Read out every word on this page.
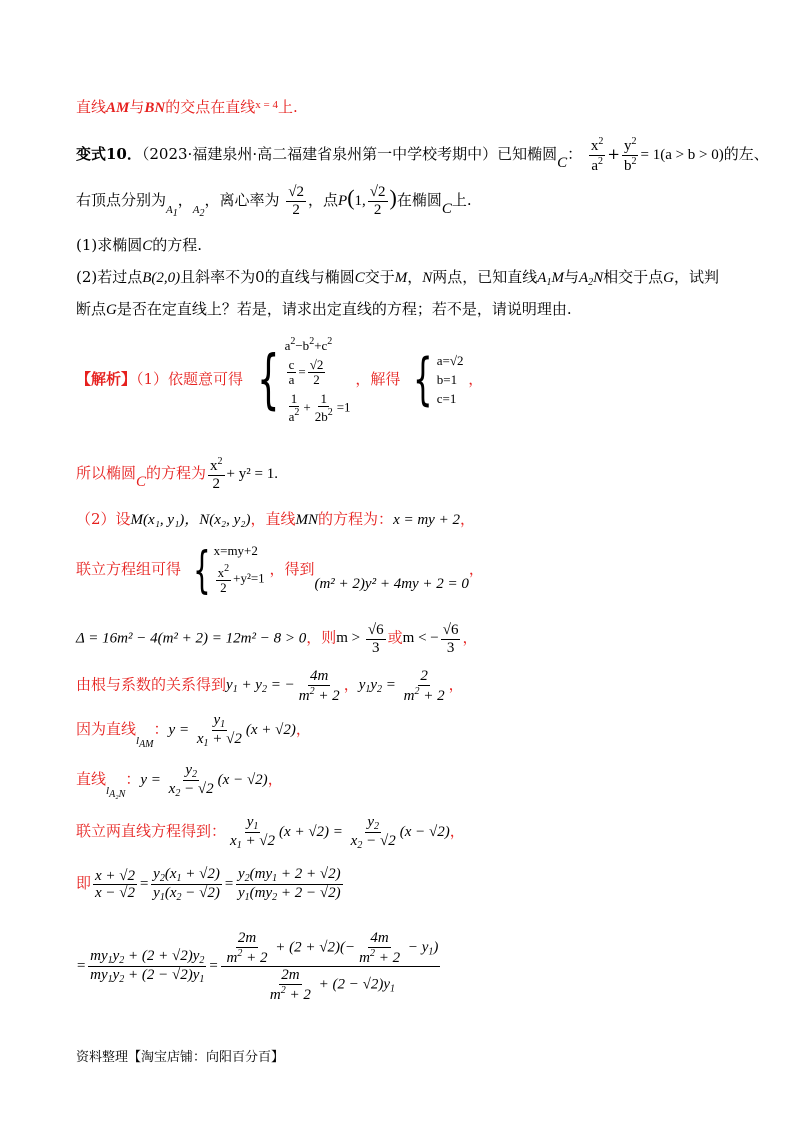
直线AM与BN的交点在直线$^{x = 4}$上.
变式10．（2023·福建泉州·高二福建省泉州第一中学校考期中）已知椭圆C： $\frac{x^2}{a^2} + \frac{y^2}{b^2} = 1(a > b > 0)$的左、
右顶点分别为$_{A1}$，$_{A2}$，离心率为 $\frac{√2}{2}$ ，点P(1, $\frac{√2}{2}$ )在椭圆C上.
(1)求椭圆C的方程.
(2)若过点B(2,0)且斜率不为0的直线与椭圆C交于M，N两点，已知直线$A_1M$与$A_2N$相交于点G，试判
断点G是否在定直线上？若是，请求出定直线的方程；若不是，请说明理由.
【解析】（1）依题意可得 { $a^2-b^2+c^2$
$\frac{c}{a} = \frac{√2}{2}$
$\frac{1}{a^2} + \frac{1}{2b^2} =1$
，解得 { a=√2
b=1
c=1
，
所以椭圆C的方程为 $\frac{x^2}{2} + y^2 = 1$.
（2）设M(x₁, y₁)，N(x₂, y₂)，直线MN的方程为：x = my + 2，
联立方程组可得 { x=my+2
$\frac{x^2}{2} +y^2=1$ ，得到(m² + 2)y² + 4my + 2 = 0，
Δ = 16m² − 4(m² + 2) = 12m² − 8 > 0，则$m > \frac{√6}{3}$ 或m < − $\frac{√6}{3}$ ，
由根与系数的关系得到$y_1 + y_2$ = − $\frac{4m}{m^2 + 2}$ ，$y_1y_2 = \frac{2}{m^2 + 2}$ ，
因为直线$_{lAM}$：$y = \frac{y_1}{x_1 + √2} (x + √2)$，
直线$_{lA_2N}$：$y = \frac{y_2}{x_2 - √2} (x - √2)$，
联立两直线方程得到： $\frac{y_1}{x_1 + √2} (x + √2) = \frac{y_2}{x_2 - √2} (x - √2)$，
即 $\frac{x + √2}{x - √2} = \frac{y_2(x_1 + √2)}{y_1(x_2 - √2)} = \frac{y_2(my_1 + 2 + √2)}{y_1(my_2 + 2 - √2)}$
= $\frac{my_1y_2 + (2 + √2)y_2}{my_1y_2 + (2 - √2)y_1} = \frac{\frac{2m}{m^2 + 2} + (2 + √2)(- \frac{4m}{m^2 + 2} - y_1)}{\frac{2m}{m^2 + 2} + (2 - √2)y_1}$
资料整理【淘宝店铺：向阳百分百】
